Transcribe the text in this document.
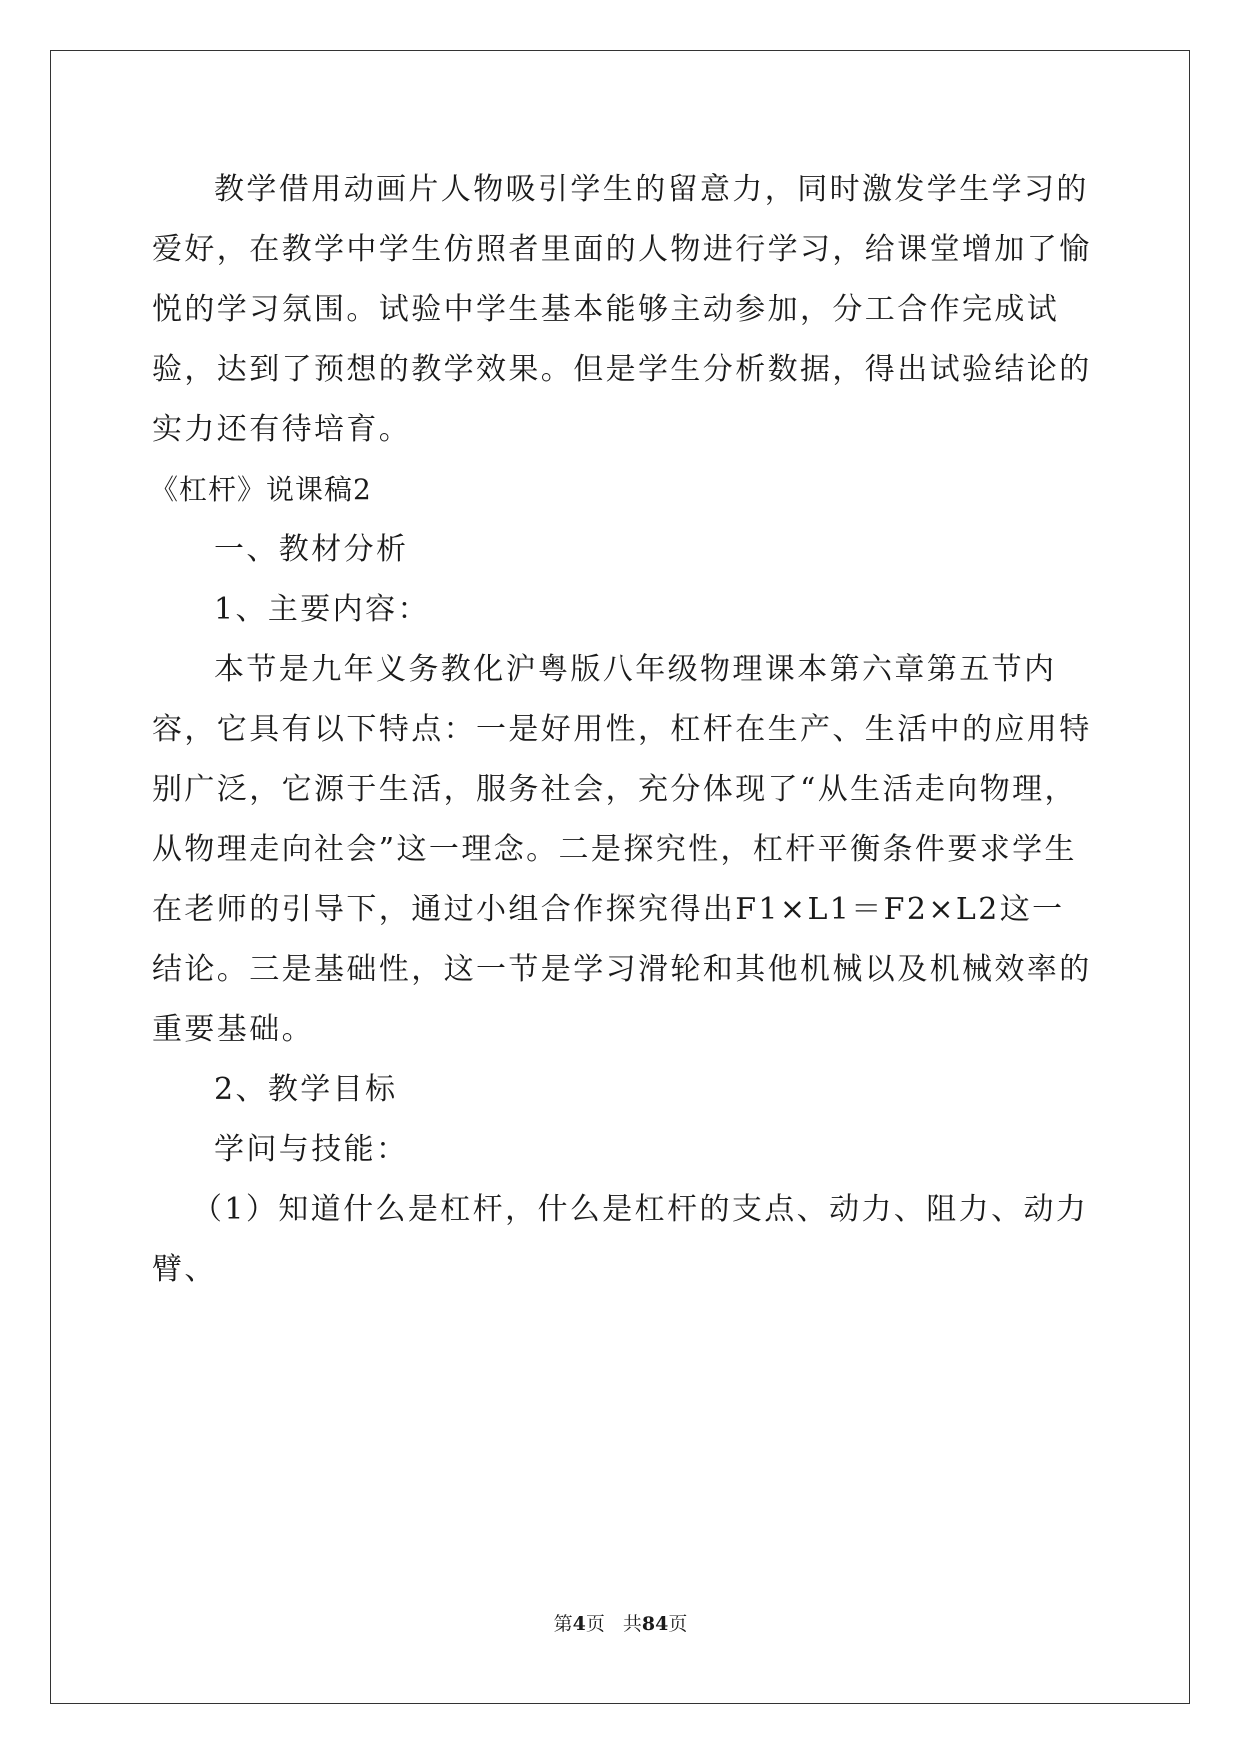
教学借用动画片人物吸引学生的留意力，同时激发学生学习的爱好，在教学中学生仿照者里面的人物进行学习，给课堂增加了愉悦的学习氛围。试验中学生基本能够主动参加，分工合作完成试验，达到了预想的教学效果。但是学生分析数据，得出试验结论的实力还有待培育。

《杠杆》说课稿2

一、教材分析

1、主要内容：

本节是九年义务教化沪粤版八年级物理课本第六章第五节内容，它具有以下特点：一是好用性，杠杆在生产、生活中的应用特别广泛，它源于生活，服务社会，充分体现了“从生活走向物理，从物理走向社会”这一理念。二是探究性，杠杆平衡条件要求学生在老师的引导下，通过小组合作探究得出F1×L1＝F2×L2这一结论。三是基础性，这一节是学习滑轮和其他机械以及机械效率的重要基础。

2、教学目标

学问与技能：

（1）知道什么是杠杆，什么是杠杆的支点、动力、阻力、动力臂、

第4页 共84页
